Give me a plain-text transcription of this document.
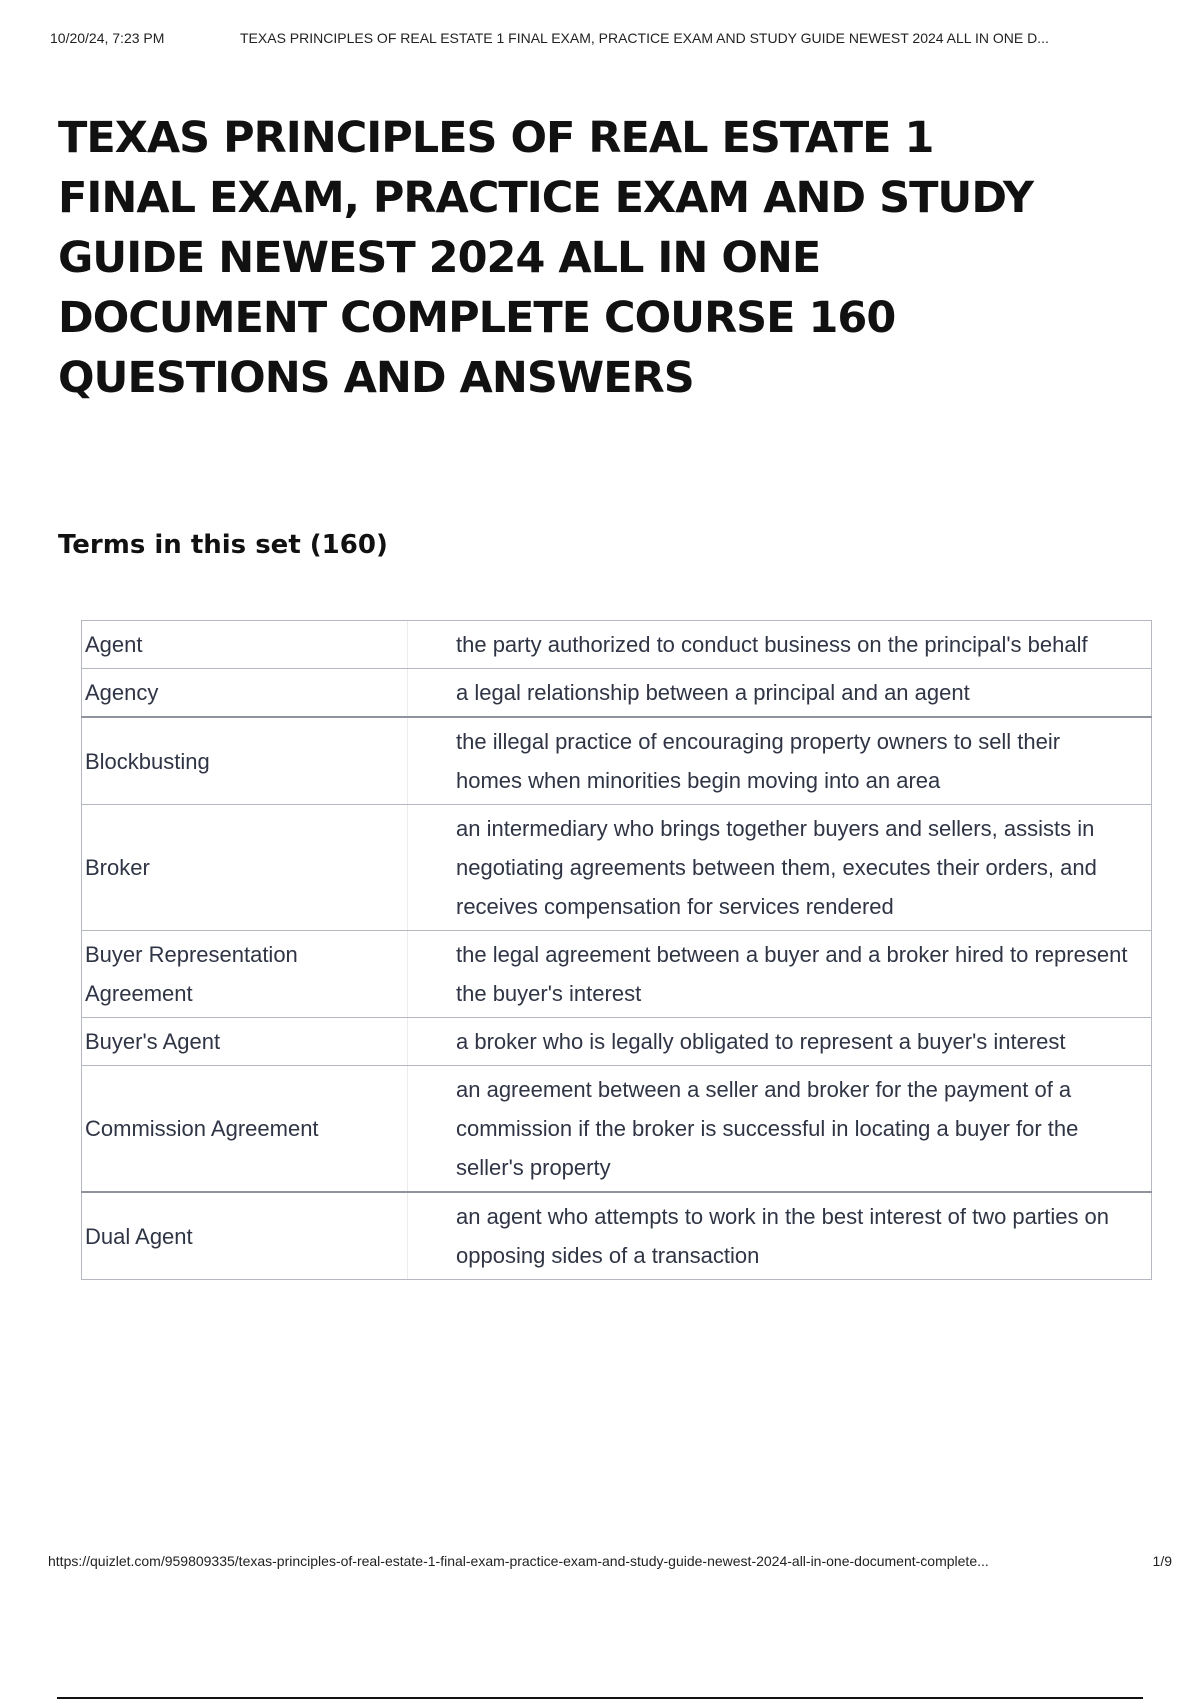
10/20/24, 7:23 PM	TEXAS PRINCIPLES OF REAL ESTATE 1 FINAL EXAM, PRACTICE EXAM AND STUDY GUIDE NEWEST 2024 ALL IN ONE D...
TEXAS PRINCIPLES OF REAL ESTATE 1 FINAL EXAM, PRACTICE EXAM AND STUDY GUIDE NEWEST 2024 ALL IN ONE DOCUMENT COMPLETE COURSE 160 QUESTIONS AND ANSWERS
Terms in this set (160)
Agent	the party authorized to conduct business on the principal's behalf
Agency	a legal relationship between a principal and an agent
Blockbusting	the illegal practice of encouraging property owners to sell their homes when minorities begin moving into an area
Broker	an intermediary who brings together buyers and sellers, assists in negotiating agreements between them, executes their orders, and receives compensation for services rendered
Buyer Representation Agreement	the legal agreement between a buyer and a broker hired to represent the buyer's interest
Buyer's Agent	a broker who is legally obligated to represent a buyer's interest
Commission Agreement	an agreement between a seller and broker for the payment of a commission if the broker is successful in locating a buyer for the seller's property
Dual Agent	an agent who attempts to work in the best interest of two parties on opposing sides of a transaction
https://quizlet.com/959809335/texas-principles-of-real-estate-1-final-exam-practice-exam-and-study-guide-newest-2024-all-in-one-document-complete...	1/9
